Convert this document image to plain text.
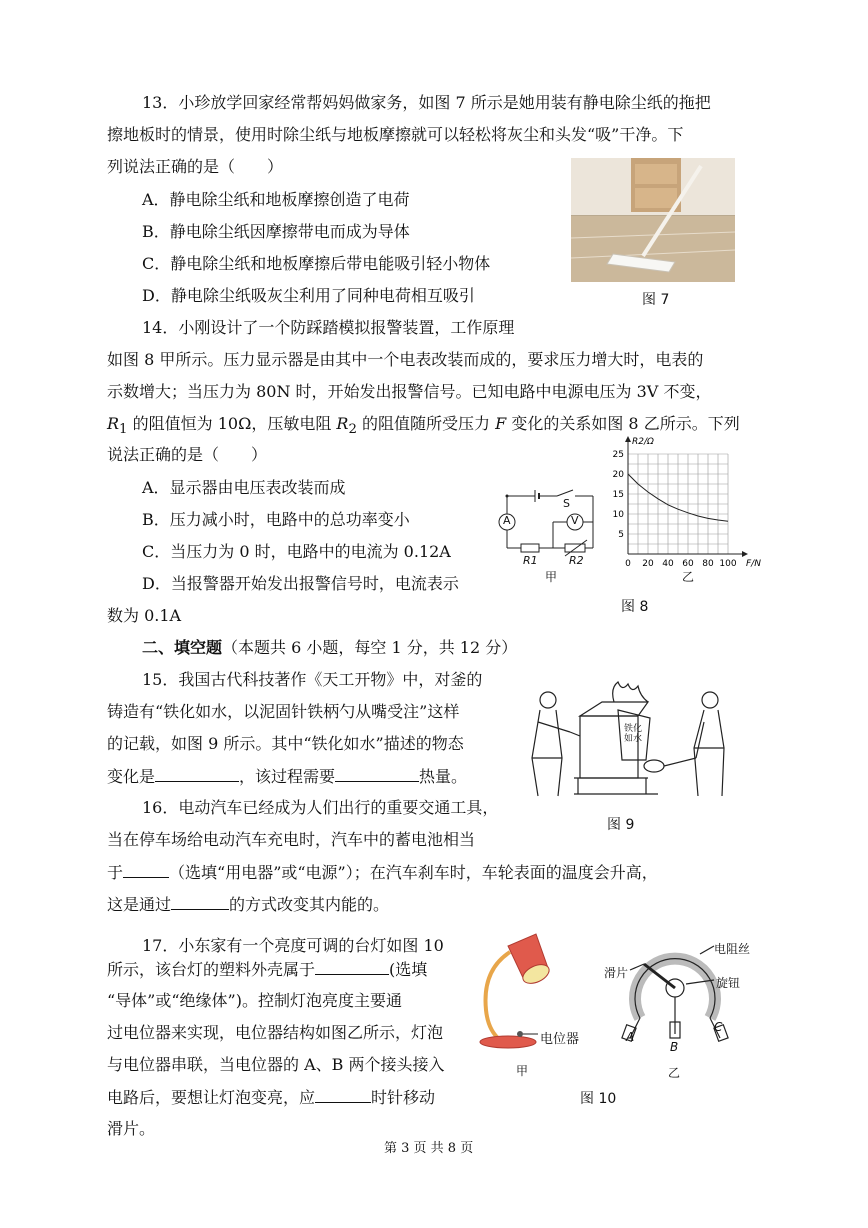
13．小珍放学回家经常帮妈妈做家务，如图 7 所示是她用装有静电除尘纸的拖把
擦地板时的情景，使用时除尘纸与地板摩擦就可以轻松将灰尘和头发“吸”干净。下
列说法正确的是（　　）
A．静电除尘纸和地板摩擦创造了电荷
B．静电除尘纸因摩擦带电而成为导体
C．静电除尘纸和地板摩擦后带电能吸引轻小物体
D．静电除尘纸吸灰尘利用了同种电荷相互吸引	图 7
14．小刚设计了一个防踩踏模拟报警装置，工作原理
如图 8 甲所示。压力显示器是由其中一个电表改装而成的，要求压力增大时，电表的
示数增大；当压力为 80N 时，开始发出报警信号。已知电路中电源电压为 3V 不变，
$R_1$ 的阻值恒为 10Ω，压敏电阻 $R_2$ 的阻值随所受压力 F 变化的关系如图 8 乙所示。下列
说法正确的是（　　）
A．显示器由电压表改装而成
B．压力减小时，电路中的总功率变小
C．当压力为 0 时，电路中的电流为 0.12A
D．当报警器开始发出报警信号时，电流表示
数为 0.1A
A	V
S
R1	R2
甲
0 20 40 60 80 100
5
10
15
20
25
F/N
R2/Ω
乙
图 8
二、填空题（本题共 6 小题，每空 1 分，共 12 分）
15．我国古代科技著作《天工开物》中，对釜的
铸造有“铁化如水，以泥固针铁柄勺从嘴受注”这样
的记载，如图 9 所示。其中“铁化如水”描述的物态
变化是	，该过程需要	热量。
铁化如水
图 9
16．电动汽车已经成为人们出行的重要交通工具，
当在停车场给电动汽车充电时，汽车中的蓄电池相当
于	（选填“用电器”或“电源”）；在汽车刹车时，车轮表面的温度会升高，
这是通过	的方式改变其内能的。
17．小东家有一个亮度可调的台灯如图 10
所示，该台灯的塑料外壳属于	(选填
“导体”或“绝缘体”)。控制灯泡亮度主要通
过电位器来实现，电位器结构如图乙所示，灯泡
与电位器串联，当电位器的 A、B 两个接头接入
电路后，要想让灯泡变亮，应	时针移动
滑片。
电位器
甲
电阻丝
滑片
旋钮
A
B
C
乙
图 10
第 3 页 共 8 页
